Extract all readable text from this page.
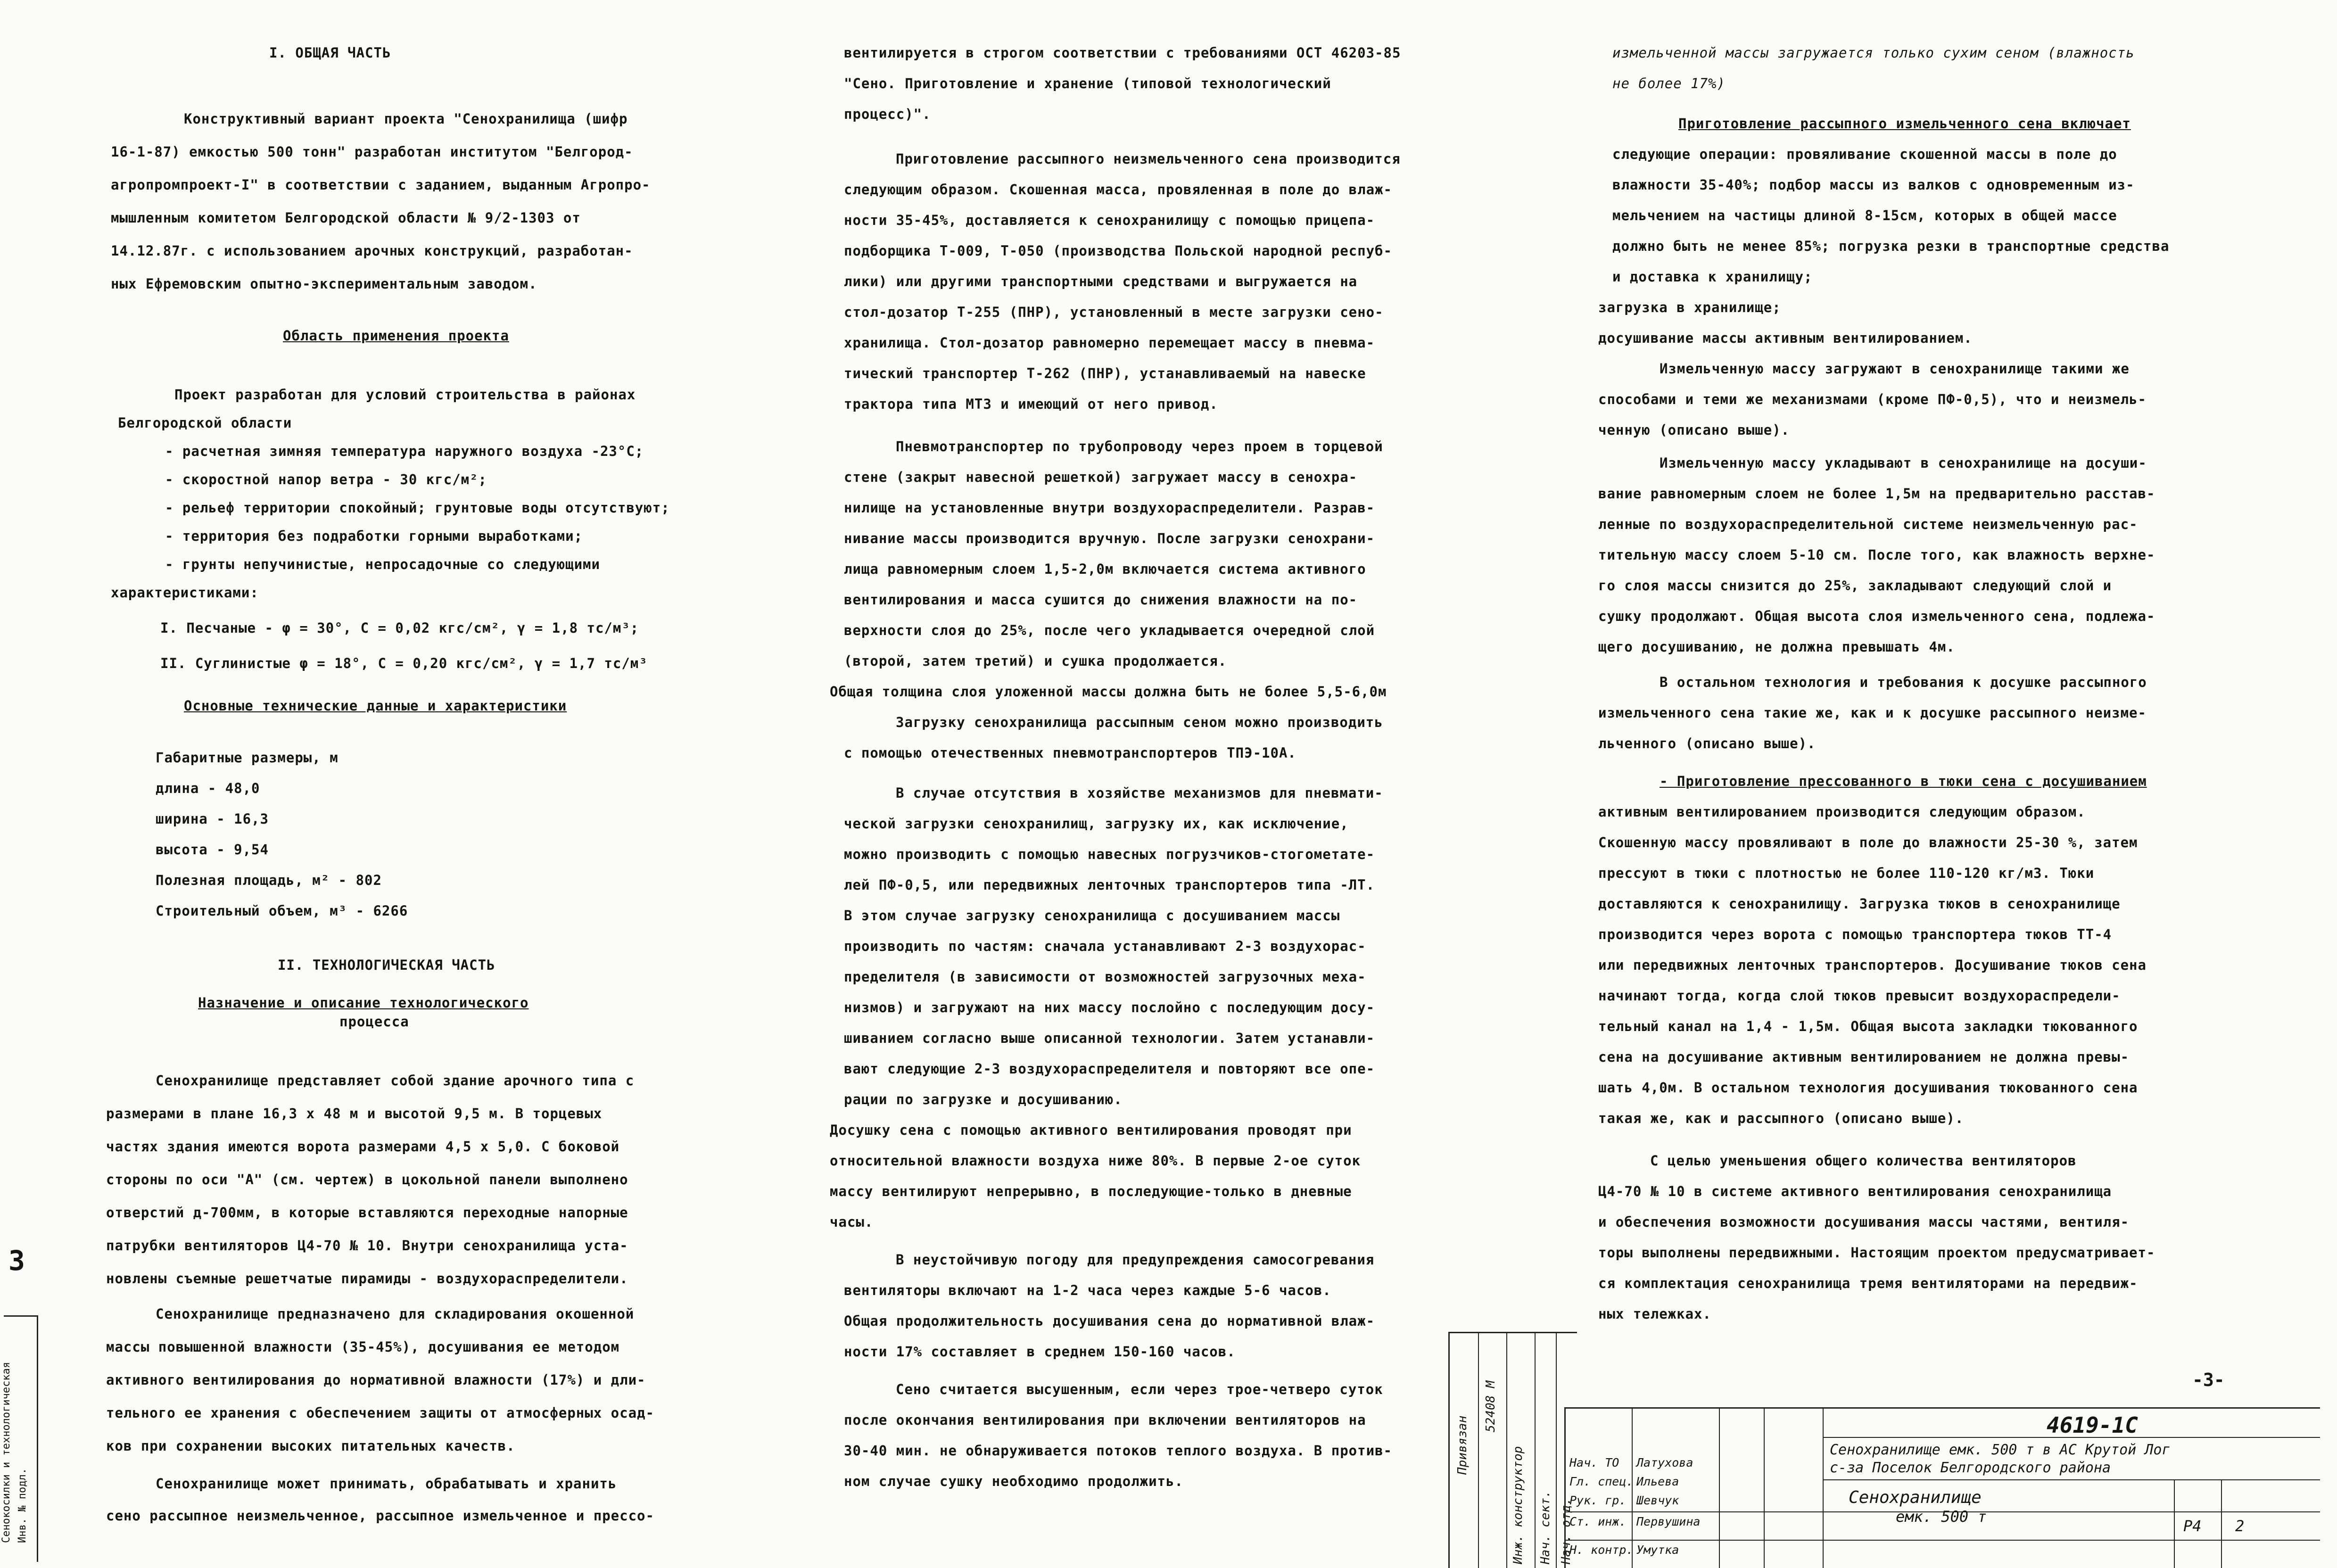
3
Сенокосилки и технологическая Инв. № подл.
I. ОБЩАЯ ЧАСТЬ
Конструктивный вариант проекта "Сенохранилища (шифр
16-1-87) емкостью 500 тонн" разработан институтом "Белгород-
агропромпроект-I" в соответствии с заданием, выданным Агропро-
мышленным комитетом Белгородской области № 9/2-1303 от
14.12.87г. с использованием арочных конструкций, разработан-
ных Ефремовским опытно-экспериментальным заводом.
Область применения проекта
Проект разработан для условий строительства в районах
Белгородской области
- расчетная зимняя температура наружного воздуха -23°С;
- скоростной напор ветра - 30 кгс/м²;
- рельеф территории спокойный; грунтовые воды отсутствуют;
- территория без подработки горными выработками;
- грунты непучинистые, непросадочные со следующими
характеристиками:
I. Песчаные - φ = 30°, C = 0,02 кгс/см², γ = 1,8 тс/м³;
II. Суглинистые φ = 18°, C = 0,20 кгс/см², γ = 1,7 тс/м³
Основные технические данные и характеристики
Габаритные размеры, м
длина - 48,0
ширина - 16,3
высота - 9,54
Полезная площадь, м² - 802
Строительный объем, м³ - 6266
II. ТЕХНОЛОГИЧЕСКАЯ ЧАСТЬ
Назначение и описание технологического
процесса
Сенохранилище представляет собой здание арочного типа с
размерами в плане 16,3 х 48 м и высотой 9,5 м. В торцевых
частях здания имеются ворота размерами 4,5 х 5,0. С боковой
стороны по оси "А" (см. чертеж) в цокольной панели выполнено
отверстий д-700мм, в которые вставляются переходные напорные
патрубки вентиляторов Ц4-70 № 10. Внутри сенохранилища уста-
новлены съемные решетчатые пирамиды - воздухораспределители.
Сенохранилище предназначено для складирования окошенной
массы повышенной влажности (35-45%), досушивания ее методом
активного вентилирования до нормативной влажности (17%) и дли-
тельного ее хранения с обеспечением защиты от атмосферных осад-
ков при сохранении высоких питательных качеств.
Сенохранилище может принимать, обрабатывать и хранить
сено рассыпное неизмельченное, рассыпное измельченное и прессо-
вентилируется в строгом соответствии с требованиями ОСТ 46203-85
"Сено. Приготовление и хранение (типовой технологический
процесс)".
Приготовление рассыпного неизмельченного сена производится
следующим образом. Скошенная масса, провяленная в поле до влаж-
ности 35-45%, доставляется к сенохранилищу с помощью прицепа-
подборщика Т-009, Т-050 (производства Польской народной респуб-
лики) или другими транспортными средствами и выгружается на
стол-дозатор Т-255 (ПНР), установленный в месте загрузки сено-
хранилища. Стол-дозатор равномерно перемещает массу в пневма-
тический транспортер Т-262 (ПНР), устанавливаемый на навеске
трактора типа МТЗ и имеющий от него привод.
Пневмотранспортер по трубопроводу через проем в торцевой
стене (закрыт навесной решеткой) загружает массу в сенохра-
нилище на установленные внутри воздухораспределители. Разрав-
нивание массы производится вручную. После загрузки сенохрани-
лища равномерным слоем 1,5-2,0м включается система активного
вентилирования и масса сушится до снижения влажности на по-
верхности слоя до 25%, после чего укладывается очередной слой
(второй, затем третий) и сушка продолжается.
Общая толщина слоя уложенной массы должна быть не более 5,5-6,0м
Загрузку сенохранилища рассыпным сеном можно производить
с помощью отечественных пневмотранспортеров ТПЭ-10А.
В случае отсутствия в хозяйстве механизмов для пневмати-
ческой загрузки сенохранилищ, загрузку их, как исключение,
можно производить с помощью навесных погрузчиков-стогометате-
лей ПФ-0,5, или передвижных ленточных транспортеров типа -ЛТ.
В этом случае загрузку сенохранилища с досушиванием массы
производить по частям: сначала устанавливают 2-3 воздухорас-
пределителя (в зависимости от возможностей загрузочных меха-
низмов) и загружают на них массу послойно с последующим досу-
шиванием согласно выше описанной технологии. Затем устанавли-
вают следующие 2-3 воздухораспределителя и повторяют все опе-
рации по загрузке и досушиванию.
Досушку сена с помощью активного вентилирования проводят при
относительной влажности воздуха ниже 80%. В первые 2-ое суток
массу вентилируют непрерывно, в последующие-только в дневные
часы.
В неустойчивую погоду для предупреждения самосогревания
вентиляторы включают на 1-2 часа через каждые 5-6 часов.
Общая продолжительность досушивания сена до нормативной влаж-
ности 17% составляет в среднем 150-160 часов.
Сено считается высушенным, если через трое-четверо суток
после окончания вентилирования при включении вентиляторов на
30-40 мин. не обнаруживается потоков теплого воздуха. В против-
ном случае сушку необходимо продолжить.
измельченной массы загружается только сухим сеном (влажность
не более 17%)
Приготовление рассыпного измельченного сена включает
следующие операции: провяливание скошенной массы в поле до
влажности 35-40%; подбор массы из валков с одновременным из-
мельчением на частицы длиной 8-15см, которых в общей массе
должно быть не менее 85%; погрузка резки в транспортные средства
и доставка к хранилищу;
загрузка в хранилище;
досушивание массы активным вентилированием.
Измельченную массу загружают в сенохранилище такими же
способами и теми же механизмами (кроме ПФ-0,5), что и неизмель-
ченную (описано выше).
Измельченную массу укладывают в сенохранилище на досуши-
вание равномерным слоем не более 1,5м на предварительно расстав-
ленные по воздухораспределительной системе неизмельченную рас-
тительную массу слоем 5-10 см. После того, как влажность верхне-
го слоя массы снизится до 25%, закладывают следующий слой и
сушку продолжают. Общая высота слоя измельченного сена, подлежа-
щего досушиванию, не должна превышать 4м.
В остальном технология и требования к досушке рассыпного
измельченного сена такие же, как и к досушке рассыпного неизме-
льченного (описано выше).
- Приготовление прессованного в тюки сена с досушиванием
активным вентилированием производится следующим образом.
Скошенную массу провяливают в поле до влажности 25-30 %, затем
прессуют в тюки с плотностью не более 110-120 кг/м3. Тюки
доставляются к сенохранилищу. Загрузка тюков в сенохранилище
производится через ворота с помощью транспортера тюков ТТ-4
или передвижных ленточных транспортеров. Досушивание тюков сена
начинают тогда, когда слой тюков превысит воздухораспредели-
тельный канал на 1,4 - 1,5м. Общая высота закладки тюкованного
сена на досушивание активным вентилированием не должна превы-
шать 4,0м. В остальном технология досушивания тюкованного сена
такая же, как и рассыпного (описано выше).
С целью уменьшения общего количества вентиляторов
Ц4-70 № 10 в системе активного вентилирования сенохранилища
и обеспечения возможности досушивания массы частями, вентиля-
торы выполнены передвижными. Настоящим проектом предусматривает-
ся комплектация сенохранилища тремя вентиляторами на передвиж-
ных тележках.
-3-
Привязан
52408 М
Инж. конструктор Нач. сект. Нач. отд.
4619-1С
Сенохранилище емк. 500 т в АС Крутой Лог
с-за Поселок Белгородского района
Сенохранилище
емк. 500 т
Р4 2
Нач. ТО
Гл. спец.
Рук. гр.
Ст. инж.
Н. контр.
Латухова
Ильева
Шевчук
Первушина
Умутка
